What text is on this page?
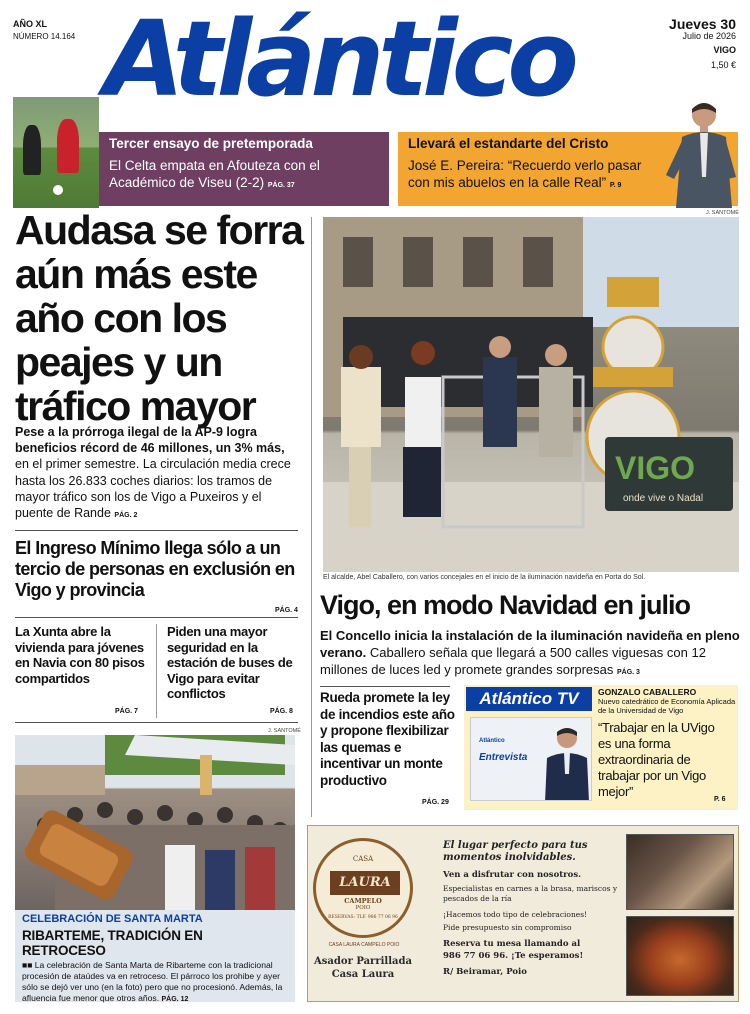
AÑO XL
NÚMERO 14.164 Atlántico	Jueves 30
Julio de 2026
VIGO
1,50 €
Tercer ensayo de pretemporada
El Celta empata en Afouteza con el Académico de Viseu (2-2) PÁG. 37
Llevará el estandarte del Cristo
José E. Pereira: “Recuerdo verlo pasar con mis abuelos en la calle Real” P. 9
J. SANTOMÉ
Audasa se forra aún más este año con los peajes y un tráfico mayor
Pese a la prórroga ilegal de la AP-9 logra beneficios récord de 46 millones, un 3% más, en el primer semestre. La circulación media crece hasta los 26.833 coches diarios: los tramos de mayor tráfico son los de Vigo a Puxeiros y el puente de Rande PÁG. 2
El Ingreso Mínimo llega sólo a un tercio de personas en exclusión en Vigo y provincia
PÁG. 4
La Xunta abre la vivienda para jóvenes en Navia con 80 pisos compartidos
PÁG. 7
Piden una mayor seguridad en la estación de buses de Vigo para evitar conflictos
PÁG. 8
J. SANTOMÉ
VIGO
onde vive o Nadal
El alcalde, Abel Caballero, con varios concejales en el inicio de la iluminación navideña en Porta do Sol.
Vigo, en modo Navidad en julio
El Concello inicia la instalación de la iluminación navideña en pleno verano. Caballero señala que llegará a 500 calles viguesas con 12 millones de luces led y promete grandes sorpresas PÁG. 3
Rueda promete la ley de incendios este año y propone flexibilizar las quemas e incentivar un monte productivo
PÁG. 29
Atlántico TV
Atlántico
Entrevista
GONZALO CABALLERO
Nuevo catedrático de Economía Aplicada de la Universidad de Vigo
“Trabajar en la UVigo es una forma extraordinaria de trabajar por un Vigo mejor”
P. 6
CELEBRACIÓN DE SANTA MARTA
RIBARTEME, TRADICIÓN EN RETROCESO
■■ La celebración de Santa Marta de Ribarteme con la tradicional procesión de ataúdes va en retroceso. El párroco los prohibe y ayer sólo se dejó ver uno (en la foto) pero que no procesionó. Además, la afluencia fue menor que otros años. PÁG. 12
CASA
LAURA
CAMPELO
POIO
RESERVAS: TLF. 986 77 06 96
CASA LAURA CAMPELO POIO
Asador Parrillada
Casa Laura
El lugar perfecto para tus momentos inolvidables.
Ven a disfrutar con nosotros.
Especialistas en carnes a la brasa, mariscos y pescados de la ría
¡Hacemos todo tipo de celebraciones!
Pide presupuesto sin compromiso
Reserva tu mesa llamando al
986 77 06 96. ¡Te esperamos!
R/ Beiramar, Poio
